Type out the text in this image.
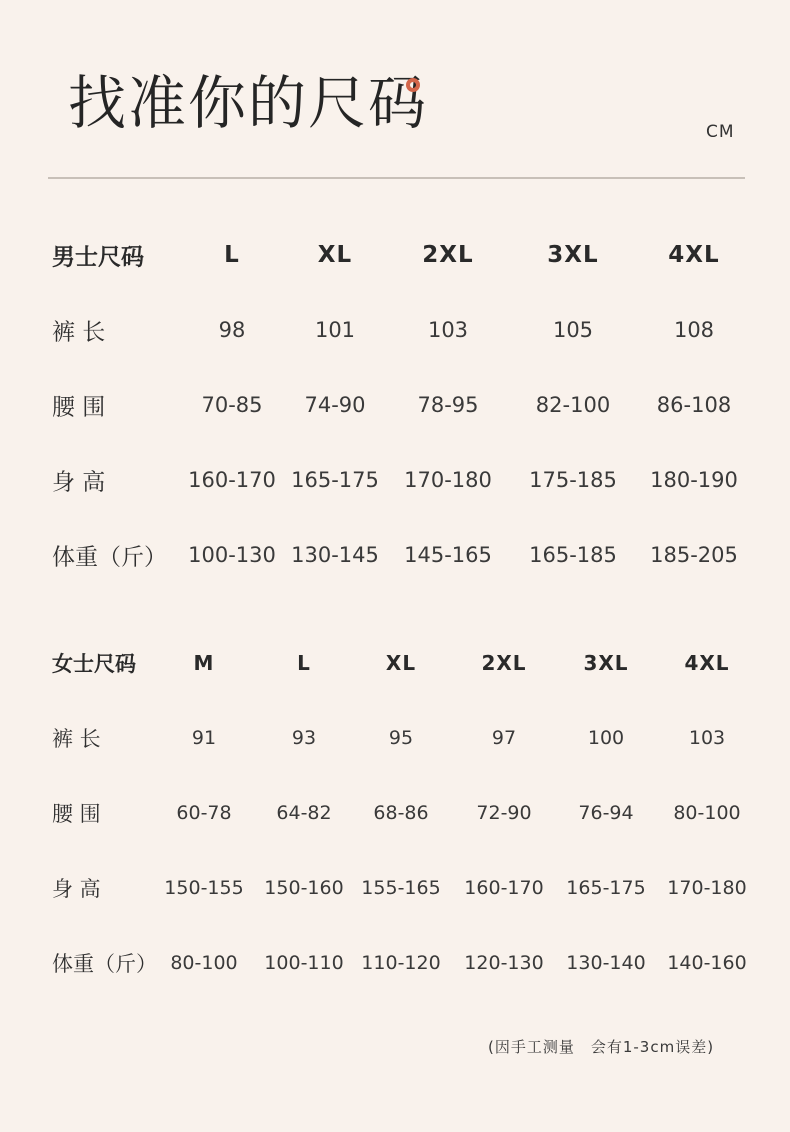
找准你的尺码	CM
男士尺码	L	XL	2XL	3XL	4XL
裤 长	98	101	103	105	108
腰 围	70-85 74-90 78-95	82-100 86-108
身 高	160-170 165-175 170-180 175-185 180-190
体重（斤） 100-130 130-145 145-165 165-185 185-205
女士尺码	M	L	XL	2XL	3XL	4XL
裤 长	91	93	95	97	100	103
腰 围	60-78 64-82 68-86	72-90 76-94 80-100
身 高	150-155 150-160 155-165 160-170 165-175 170-180
体重（斤） 80-100 100-110 110-120 120-130 130-140 140-160
(因手工测量　会有1-3cm误差)
